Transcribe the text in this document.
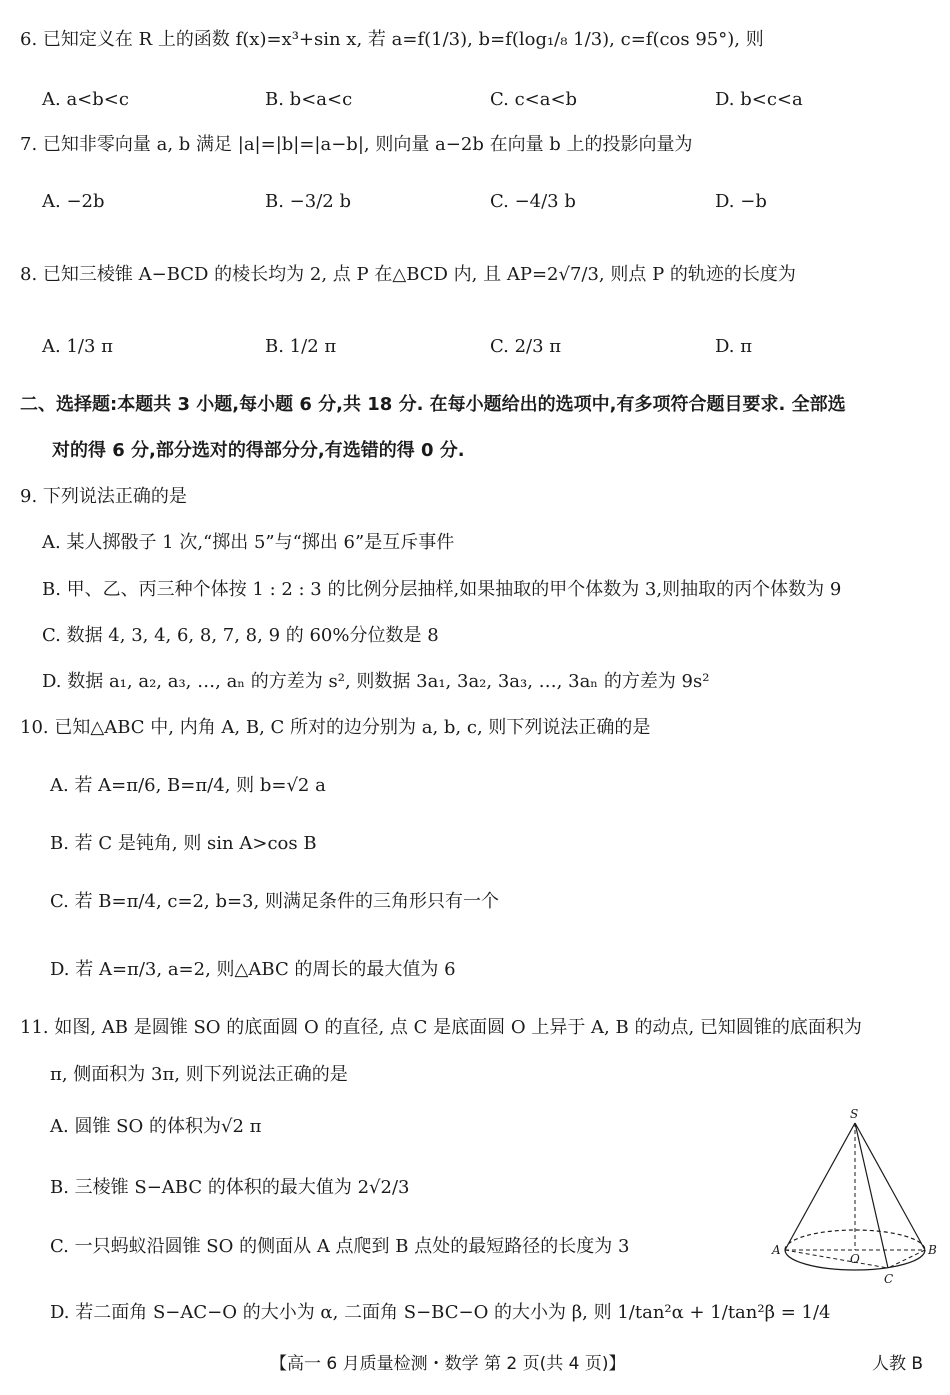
6. 已知定义在 R 上的函数 f(x)=x³+sin x, 若 a=f(1/3), b=f(log₁/₈ 1/3), c=f(cos 95°), 则
A. a<b<c	B. b<a<c	C. c<a<b	D. b<c<a
7. 已知非零向量 a, b 满足 |a|=|b|=|a−b|, 则向量 a−2b 在向量 b 上的投影向量为
A. −2b	B. −3/2 b	C. −4/3 b	D. −b
8. 已知三棱锥 A−BCD 的棱长均为 2, 点 P 在△BCD 内, 且 AP=2√7/3, 则点 P 的轨迹的长度为
A. 1/3 π	B. 1/2 π	C. 2/3 π	D. π
二、选择题:本题共 3 小题,每小题 6 分,共 18 分. 在每小题给出的选项中,有多项符合题目要求. 全部选
对的得 6 分,部分选对的得部分分,有选错的得 0 分.
9. 下列说法正确的是
A. 某人掷骰子 1 次,“掷出 5”与“掷出 6”是互斥事件
B. 甲、乙、丙三种个体按 1 : 2 : 3 的比例分层抽样,如果抽取的甲个体数为 3,则抽取的丙个体数为 9
C. 数据 4, 3, 4, 6, 8, 7, 8, 9 的 60%分位数是 8
D. 数据 a₁, a₂, a₃, …, aₙ 的方差为 s², 则数据 3a₁, 3a₂, 3a₃, …, 3aₙ 的方差为 9s²
10. 已知△ABC 中, 内角 A, B, C 所对的边分别为 a, b, c, 则下列说法正确的是
A. 若 A=π/6, B=π/4, 则 b=√2 a
B. 若 C 是钝角, 则 sin A>cos B
C. 若 B=π/4, c=2, b=3, 则满足条件的三角形只有一个
D. 若 A=π/3, a=2, 则△ABC 的周长的最大值为 6
11. 如图, AB 是圆锥 SO 的底面圆 O 的直径, 点 C 是底面圆 O 上异于 A, B 的动点, 已知圆锥的底面积为
π, 侧面积为 3π, 则下列说法正确的是
A. 圆锥 SO 的体积为√2 π
B. 三棱锥 S−ABC 的体积的最大值为 2√2/3
C. 一只蚂蚁沿圆锥 SO 的侧面从 A 点爬到 B 点处的最短路径的长度为 3
D. 若二面角 S−AC−O 的大小为 α, 二面角 S−BC−O 的大小为 β, 则 1/tan²α + 1/tan²β = 1/4
S
A	B
C
O
【高一 6 月质量检测・数学 第 2 页(共 4 页)】	人教 B
